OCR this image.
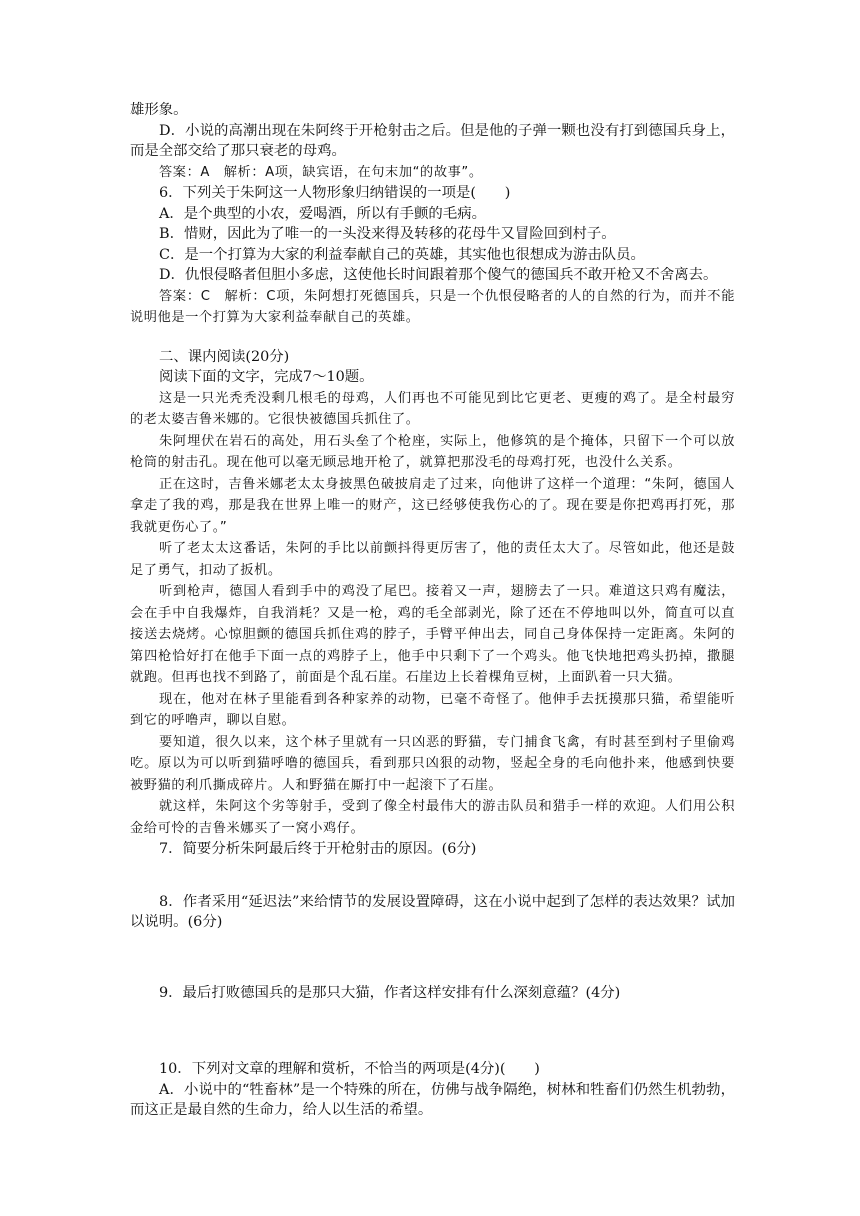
雄形象。

D．小说的高潮出现在朱阿终于开枪射击之后。但是他的子弹一颗也没有打到德国兵身上，而是全部交给了那只衰老的母鸡。

答案：A　解析：A项，缺宾语，在句末加“的故事”。

6．下列关于朱阿这一人物形象归纳错误的一项是(　　)

A．是个典型的小农，爱喝酒，所以有手颤的毛病。

B．惜财，因此为了唯一的一头没来得及转移的花母牛又冒险回到村子。

C．是一个打算为大家的利益奉献自己的英雄，其实他也很想成为游击队员。

D．仇恨侵略者但胆小多虑，这使他长时间跟着那个傻气的德国兵不敢开枪又不舍离去。

答案：C　解析：C项，朱阿想打死德国兵，只是一个仇恨侵略者的人的自然的行为，而并不能说明他是一个打算为大家利益奉献自己的英雄。

二、课内阅读(20分)

阅读下面的文字，完成7～10题。

这是一只光秃秃没剩几根毛的母鸡，人们再也不可能见到比它更老、更瘦的鸡了。是全村最穷的老太婆吉鲁米娜的。它很快被德国兵抓住了。

朱阿埋伏在岩石的高处，用石头垒了个枪座，实际上，他修筑的是个掩体，只留下一个可以放枪筒的射击孔。现在他可以毫无顾忌地开枪了，就算把那没毛的母鸡打死，也没什么关系。

正在这时，吉鲁米娜老太太身披黑色破披肩走了过来，向他讲了这样一个道理：“朱阿，德国人拿走了我的鸡，那是我在世界上唯一的财产，这已经够使我伤心的了。现在要是你把鸡再打死，那我就更伤心了。”

听了老太太这番话，朱阿的手比以前颤抖得更厉害了，他的责任太大了。尽管如此，他还是鼓足了勇气，扣动了扳机。

听到枪声，德国人看到手中的鸡没了尾巴。接着又一声，翅膀去了一只。难道这只鸡有魔法，会在手中自我爆炸，自我消耗？又是一枪，鸡的毛全部剥光，除了还在不停地叫以外，简直可以直接送去烧烤。心惊胆颤的德国兵抓住鸡的脖子，手臂平伸出去，同自己身体保持一定距离。朱阿的第四枪恰好打在他手下面一点的鸡脖子上，他手中只剩下了一个鸡头。他飞快地把鸡头扔掉，撒腿就跑。但再也找不到路了，前面是个乱石崖。石崖边上长着棵角豆树，上面趴着一只大猫。

现在，他对在林子里能看到各种家养的动物，已毫不奇怪了。他伸手去抚摸那只猫，希望能听到它的呼噜声，聊以自慰。

要知道，很久以来，这个林子里就有一只凶恶的野猫，专门捕食飞禽，有时甚至到村子里偷鸡吃。原以为可以听到猫呼噜的德国兵，看到那只凶狠的动物，竖起全身的毛向他扑来，他感到快要被野猫的利爪撕成碎片。人和野猫在厮打中一起滚下了石崖。

就这样，朱阿这个劣等射手，受到了像全村最伟大的游击队员和猎手一样的欢迎。人们用公积金给可怜的吉鲁米娜买了一窝小鸡仔。

7．简要分析朱阿最后终于开枪射击的原因。(6分)

8．作者采用“延迟法”来给情节的发展设置障碍，这在小说中起到了怎样的表达效果？试加以说明。(6分)

9．最后打败德国兵的是那只大猫，作者这样安排有什么深刻意蕴？(4分)

10．下列对文章的理解和赏析，不恰当的两项是(4分)(　　)

A．小说中的“牲畜林”是一个特殊的所在，仿佛与战争隔绝，树林和牲畜们仍然生机勃勃，而这正是最自然的生命力，给人以生活的希望。
